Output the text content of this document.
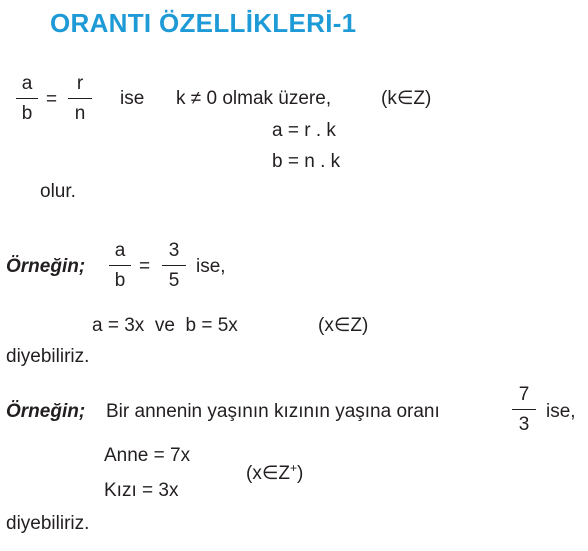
ORANTI ÖZELLİKLERİ-1
a
b
=
r
n
ise k ≠ 0 olmak üzere,	(k∈Z)
a = r . k
b = n . k
olur.
Örneğin;
a
b
=
3
5
ise,
a = 3x  ve  b = 5x	(x∈Z)
diyebiliriz.
Örneğin; Bir annenin yaşının kızının yaşına oranı
7
3
ise,
Anne = 7x
Kızı = 3x
(x∈Z+)
diyebiliriz.
